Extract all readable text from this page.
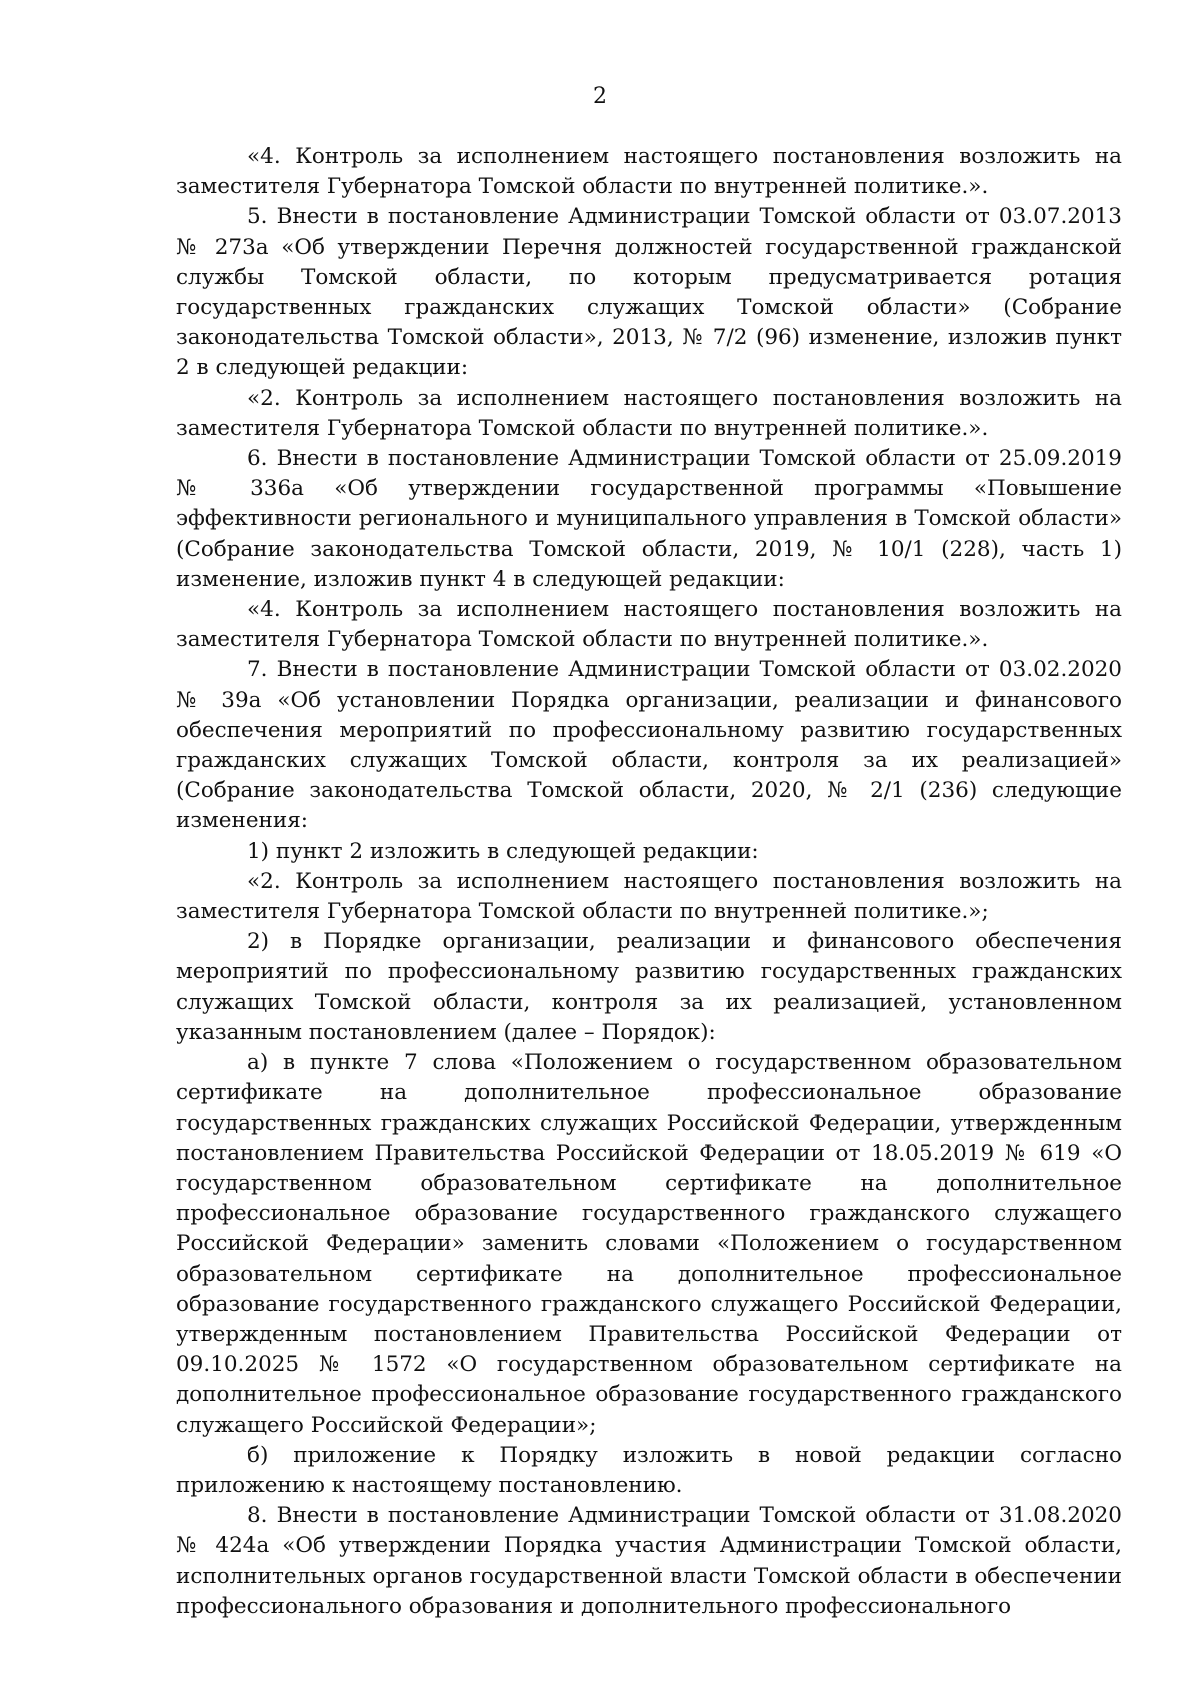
2

«4. Контроль за исполнением настоящего постановления возложить на заместителя Губернатора Томской области по внутренней политике.».

5. Внести в постановление Администрации Томской области от 03.07.2013 № 273а «Об утверждении Перечня должностей государственной гражданской службы Томской области, по которым предусматривается ротация государственных гражданских служащих Томской области» (Собрание законодательства Томской области», 2013, № 7/2 (96) изменение, изложив пункт 2 в следующей редакции:

«2. Контроль за исполнением настоящего постановления возложить на заместителя Губернатора Томской области по внутренней политике.».

6. Внести в постановление Администрации Томской области от 25.09.2019 № 336а «Об утверждении государственной программы «Повышение эффективности регионального и муниципального управления в Томской области» (Собрание законодательства Томской области, 2019, № 10/1 (228), часть 1) изменение, изложив пункт 4 в следующей редакции:

«4. Контроль за исполнением настоящего постановления возложить на заместителя Губернатора Томской области по внутренней политике.».

7. Внести в постановление Администрации Томской области от 03.02.2020 № 39а «Об установлении Порядка организации, реализации и финансового обеспечения мероприятий по профессиональному развитию государственных гражданских служащих Томской области, контроля за их реализацией» (Собрание законодательства Томской области, 2020, № 2/1 (236) следующие изменения:

1) пункт 2 изложить в следующей редакции:

«2. Контроль за исполнением настоящего постановления возложить на заместителя Губернатора Томской области по внутренней политике.»;

2) в Порядке организации, реализации и финансового обеспечения мероприятий по профессиональному развитию государственных гражданских служащих Томской области, контроля за их реализацией, установленном указанным постановлением (далее – Порядок):

а) в пункте 7 слова «Положением о государственном образовательном сертификате на дополнительное профессиональное образование государственных гражданских служащих Российской Федерации, утвержденным постановлением Правительства Российской Федерации от 18.05.2019 № 619 «О государственном образовательном сертификате на дополнительное профессиональное образование государственного гражданского служащего Российской Федерации» заменить словами «Положением о государственном образовательном сертификате на дополнительное профессиональное образование государственного гражданского служащего Российской Федерации, утвержденным постановлением Правительства Российской Федерации от 09.10.2025 № 1572 «О государственном образовательном сертификате на дополнительное профессиональное образование государственного гражданского служащего Российской Федерации»;

б) приложение к Порядку изложить в новой редакции согласно приложению к настоящему постановлению.

8. Внести в постановление Администрации Томской области от 31.08.2020 № 424а «Об утверждении Порядка участия Администрации Томской области, исполнительных органов государственной власти Томской области в обеспечении профессионального образования и дополнительного профессионального
